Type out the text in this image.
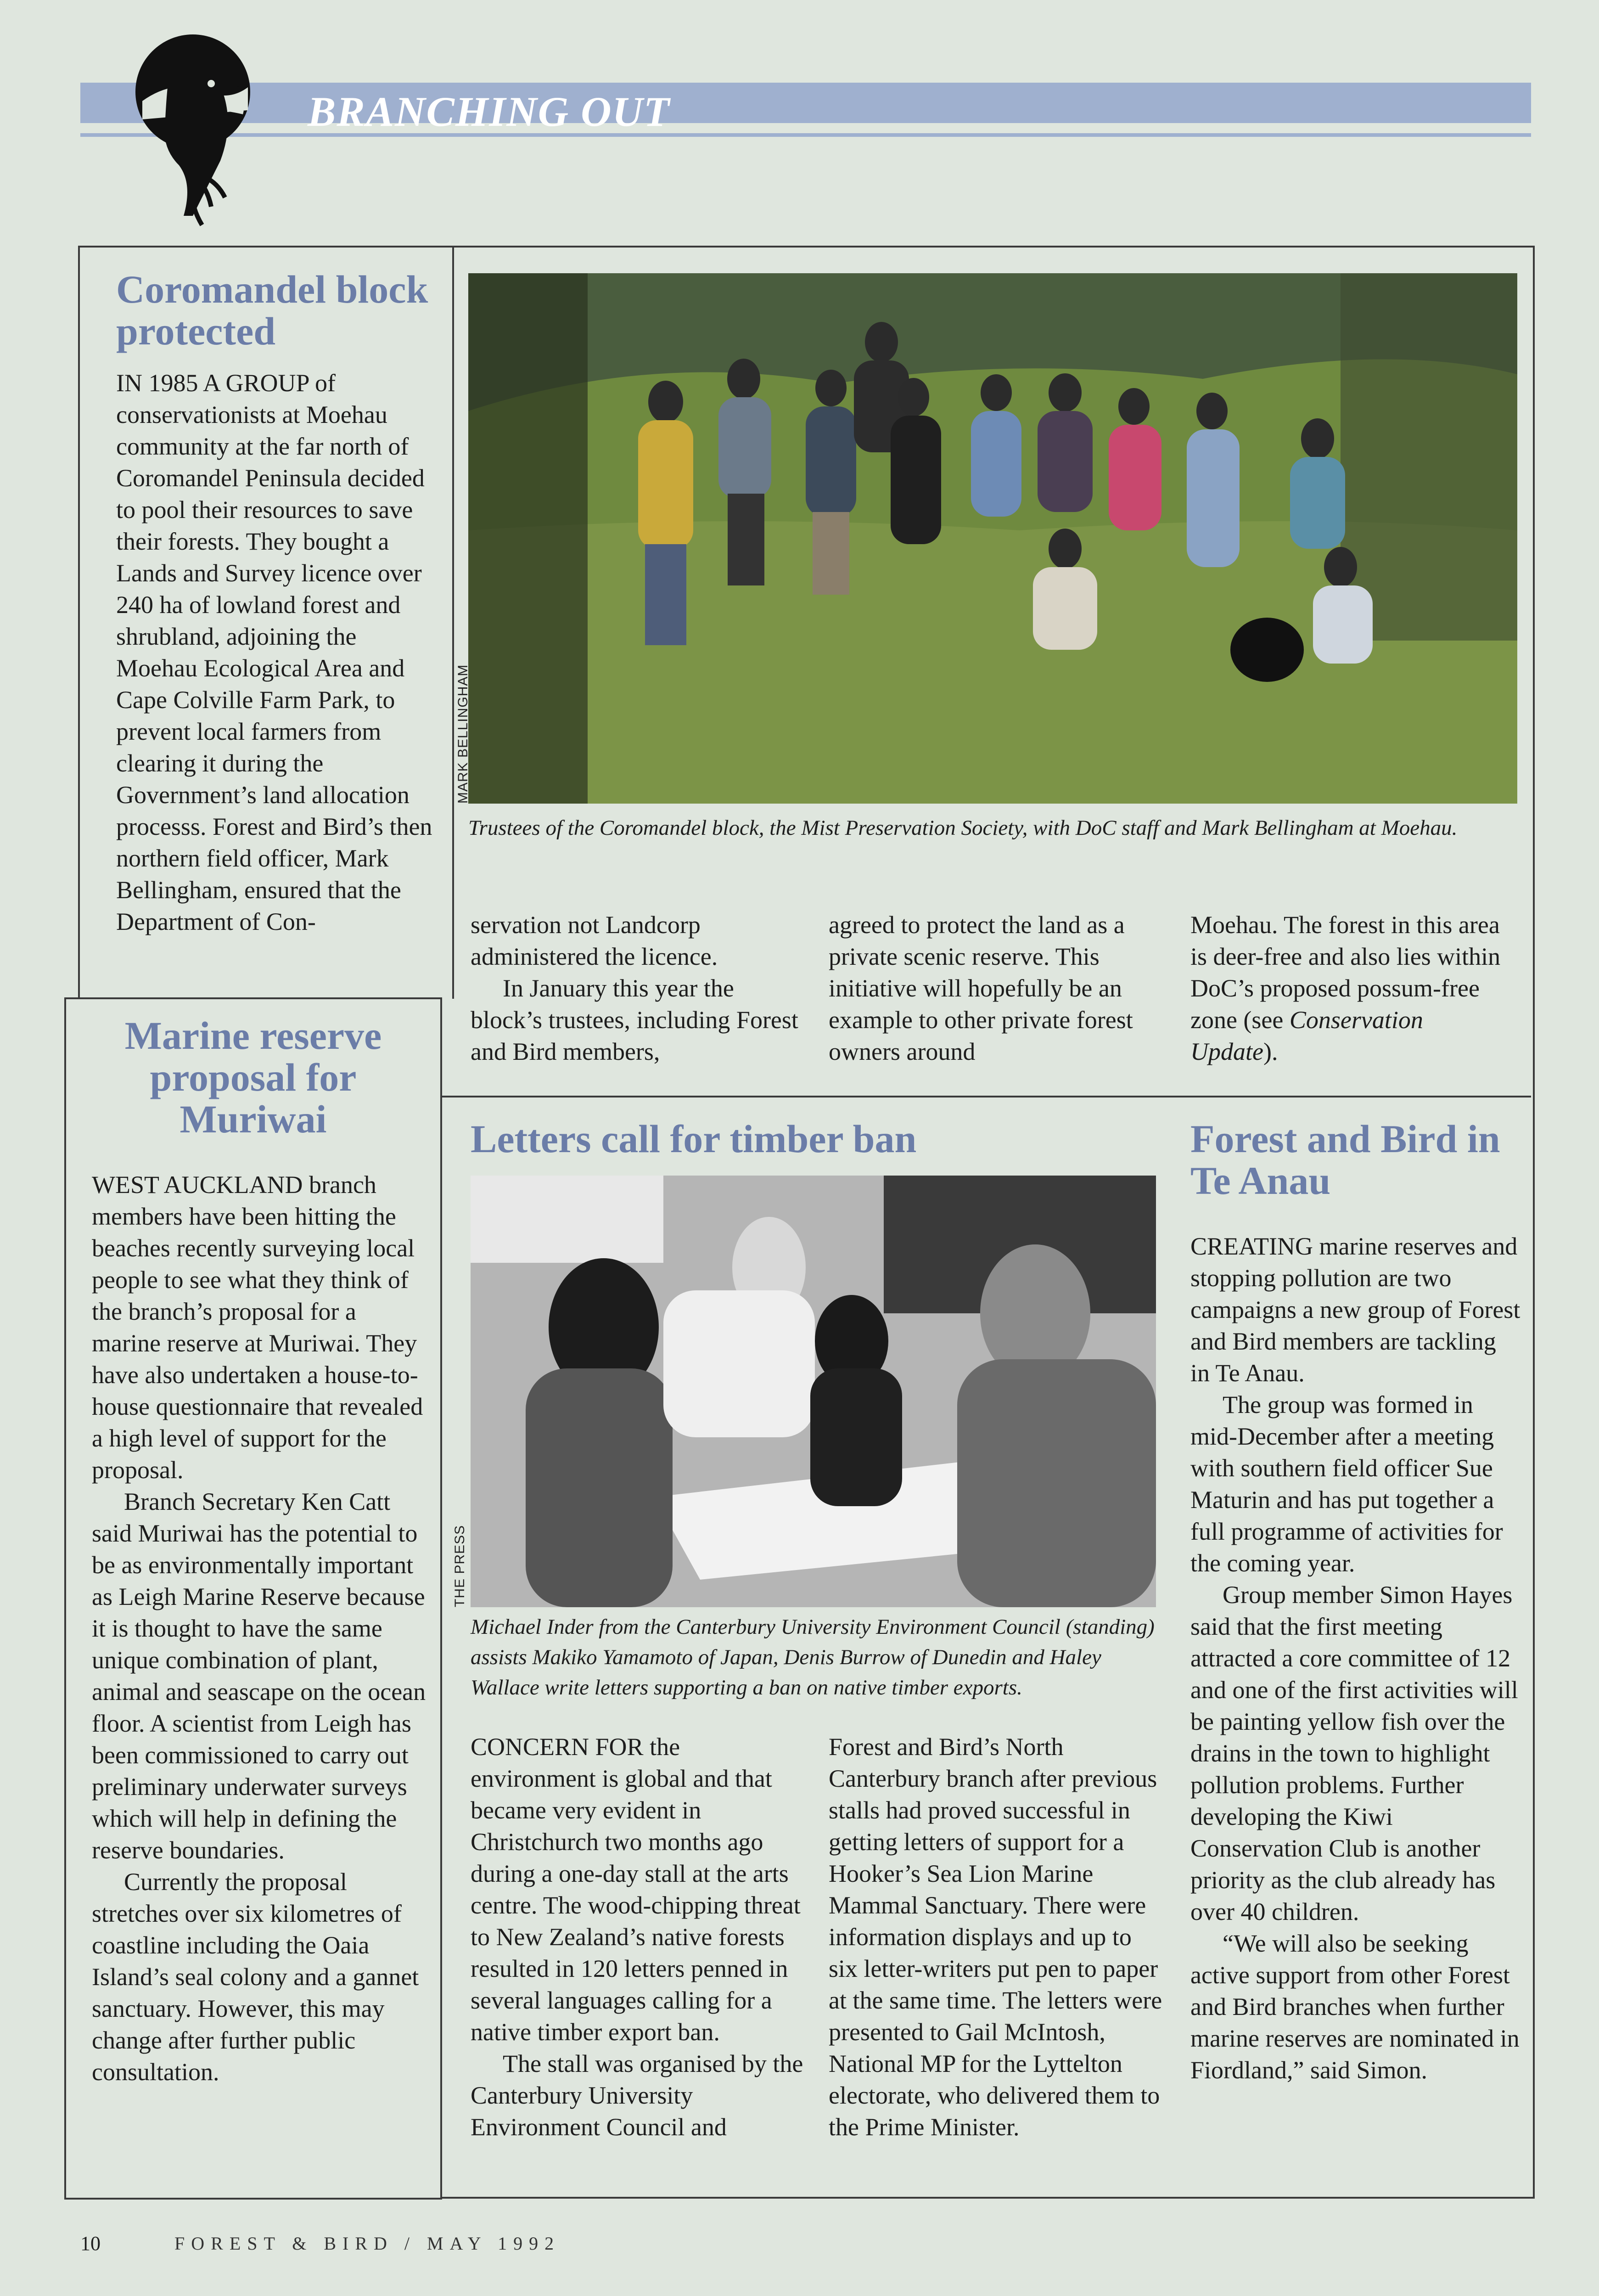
BRANCHING OUT
Coromandel block
protected

IN 1985 A GROUP of conservationists at Moehau community at the far north of Coromandel Peninsula decided to pool their resources to save their forests. They bought a Lands and Survey licence over 240 ha of lowland forest and shrubland, adjoining the Moehau Ecological Area and Cape Colville Farm Park, to prevent local farmers from clearing it during the Government’s land allocation processs. Forest and Bird’s then northern field officer, Mark Bellingham, ensured that the Department of Con-

MARK BELLINGHAM
Trustees of the Coromandel block, the Mist Preservation Society, with DoC staff and Mark Bellingham at Moehau.

servation not Landcorp administered the licence.

In January this year the block’s trustees, including Forest and Bird members,

agreed to protect the land as a private scenic reserve. This initiative will hopefully be an example to other private forest owners around

Moehau. The forest in this area is deer-free and also lies within DoC’s proposed possum-free zone (see Conservation Update).

Marine reserve
proposal for
Muriwai

WEST AUCKLAND branch members have been hitting the beaches recently surveying local people to see what they think of the branch’s proposal for a marine reserve at Muriwai. They have also undertaken a house-to-house questionnaire that revealed a high level of support for the proposal.

Branch Secretary Ken Catt said Muriwai has the potential to be as environmentally important as Leigh Marine Reserve because it is thought to have the same unique combination of plant, animal and seascape on the ocean floor. A scientist from Leigh has been commissioned to carry out preliminary underwater surveys which will help in defining the reserve boundaries.

Currently the proposal stretches over six kilometres of coastline including the Oaia Island’s seal colony and a gannet sanctuary. However, this may change after further public consultation.

Letters call for timber ban
THE PRESS
Michael Inder from the Canterbury University Environment Council (standing) assists Makiko Yamamoto of Japan, Denis Burrow of Dunedin and Haley Wallace write letters supporting a ban on native timber exports.

CONCERN FOR the environment is global and that became very evident in Christchurch two months ago during a one-day stall at the arts centre. The wood-chipping threat to New Zealand’s native forests resulted in 120 letters penned in several languages calling for a native timber export ban.

The stall was organised by the Canterbury University Environment Council and

Forest and Bird’s North Canterbury branch after previous stalls had proved successful in getting letters of support for a Hooker’s Sea Lion Marine Mammal Sanctuary. There were information displays and up to six letter-writers put pen to paper at the same time. The letters were presented to Gail McIntosh, National MP for the Lyttelton electorate, who delivered them to the Prime Minister.

Forest and Bird in
Te Anau

CREATING marine reserves and stopping pollution are two campaigns a new group of Forest and Bird members are tackling in Te Anau.

The group was formed in mid-December after a meeting with southern field officer Sue Maturin and has put together a full programme of activities for the coming year.

Group member Simon Hayes said that the first meeting attracted a core committee of 12 and one of the first activities will be painting yellow fish over the drains in the town to highlight pollution problems. Further developing the Kiwi Conservation Club is another priority as the club already has over 40 children.

“We will also be seeking active support from other Forest and Bird branches when further marine reserves are nominated in Fiordland,” said Simon.

10	FOREST & BIRD / MAY 1992
